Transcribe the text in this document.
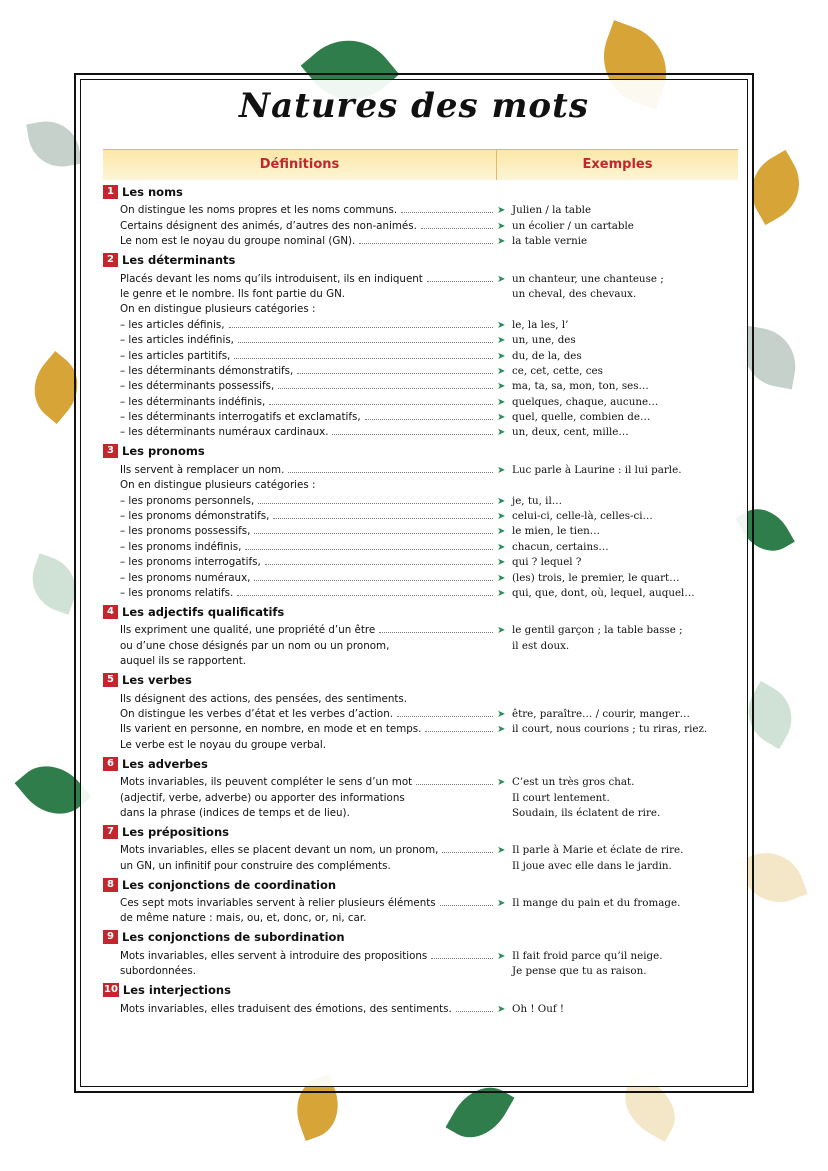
Natures des mots
Définitions	Exemples
1 Les noms
On distingue les noms propres et les noms communs.	➤ Julien / la table
Certains désignent des animés, d’autres des non-animés.	➤ un écolier / un cartable
Le nom est le noyau du groupe nominal (GN).	➤ la table vernie
2 Les déterminants
Placés devant les noms qu’ils introduisent, ils en indiquent	➤ un chanteur, une chanteuse ;
le genre et le nombre. Ils font partie du GN.	un cheval, des chevaux.
On en distingue plusieurs catégories :
– les articles définis,	➤ le, la les, l’
– les articles indéfinis,	➤ un, une, des
– les articles partitifs,	➤ du, de la, des
– les déterminants démonstratifs,	➤ ce, cet, cette, ces
– les déterminants possessifs,	➤ ma, ta, sa, mon, ton, ses…
– les déterminants indéfinis,	➤ quelques, chaque, aucune…
– les déterminants interrogatifs et exclamatifs,	➤ quel, quelle, combien de…
– les déterminants numéraux cardinaux.	➤ un, deux, cent, mille…
3 Les pronoms
Ils servent à remplacer un nom.	➤ Luc parle à Laurine : il lui parle.
On en distingue plusieurs catégories :
– les pronoms personnels,	➤ je, tu, il…
– les pronoms démonstratifs,	➤ celui-ci, celle-là, celles-ci…
– les pronoms possessifs,	➤ le mien, le tien…
– les pronoms indéfinis,	➤ chacun, certains…
– les pronoms interrogatifs,	➤ qui ? lequel ?
– les pronoms numéraux,	➤ (les) trois, le premier, le quart…
– les pronoms relatifs.	➤ qui, que, dont, où, lequel, auquel…
4 Les adjectifs qualificatifs
Ils expriment une qualité, une propriété d’un être	➤ le gentil garçon ; la table basse ;
ou d’une chose désignés par un nom ou un pronom,	il est doux.
auquel ils se rapportent.
5 Les verbes
Ils désignent des actions, des pensées, des sentiments.
On distingue les verbes d’état et les verbes d’action.	➤ être, paraître… / courir, manger…
Ils varient en personne, en nombre, en mode et en temps.	➤ il court, nous courions ; tu riras, riez.
Le verbe est le noyau du groupe verbal.
6 Les adverbes
Mots invariables, ils peuvent compléter le sens d’un mot	➤ C’est un très gros chat.
(adjectif, verbe, adverbe) ou apporter des informations	Il court lentement.
dans la phrase (indices de temps et de lieu).	Soudain, ils éclatent de rire.
7 Les prépositions
Mots invariables, elles se placent devant un nom, un pronom,	➤ Il parle à Marie et éclate de rire.
un GN, un infinitif pour construire des compléments.	Il joue avec elle dans le jardin.
8 Les conjonctions de coordination
Ces sept mots invariables servent à relier plusieurs éléments	➤ Il mange du pain et du fromage.
de même nature : mais, ou, et, donc, or, ni, car.
9 Les conjonctions de subordination
Mots invariables, elles servent à introduire des propositions	➤ Il fait froid parce qu’il neige.
subordonnées.	Je pense que tu as raison.
10 Les interjections
Mots invariables, elles traduisent des émotions, des sentiments.	➤ Oh ! Ouf !
